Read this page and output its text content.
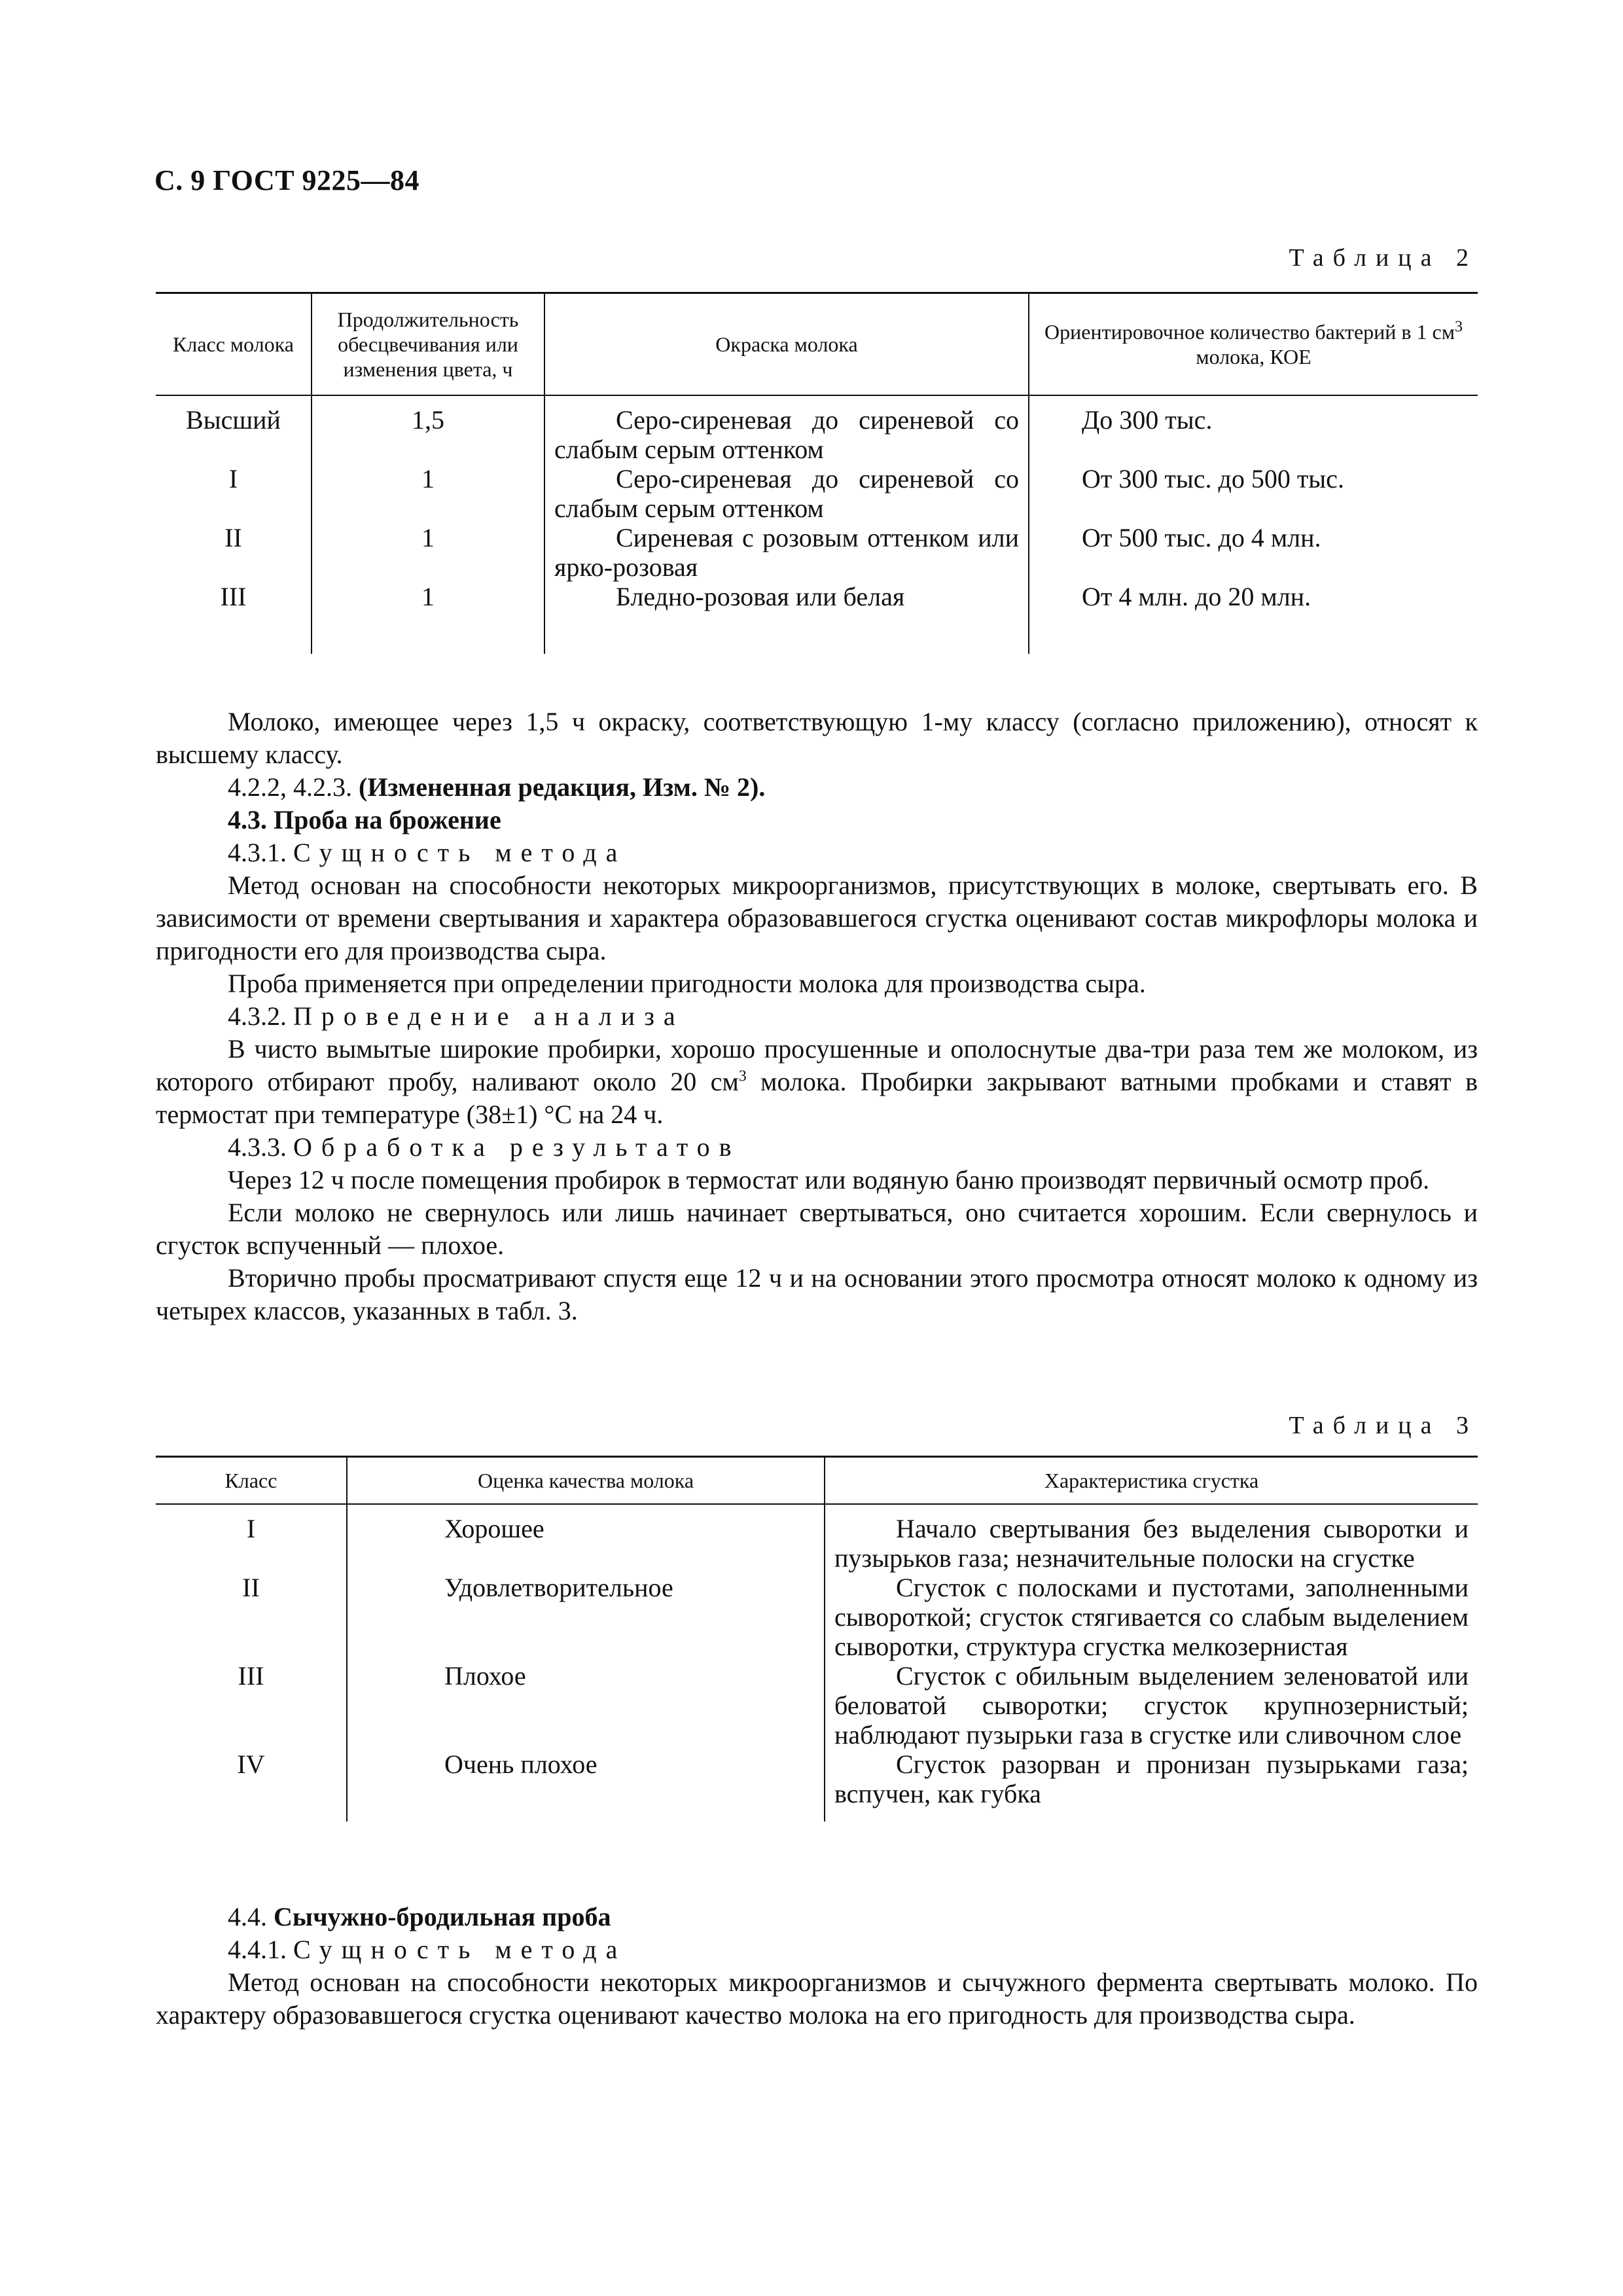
С. 9 ГОСТ 9225—84
Таблица 2
Класс молока	Продолжительность обесцвечивания или изменения цвета, ч	Окраска молока	Ориентировочное количество бактерий в 1 $см^3$ молока, КОЕ
Высший	1,5	Серо-сиреневая до сиреневой со слабым серым оттенком	До 300 тыс.
I	1	Серо-сиреневая до сиреневой со слабым серым оттенком	От 300 тыс. до 500 тыс.
II	1	Сиреневая с розовым оттенком или ярко-розовая	От 500 тыс. до 4 млн.
III	1	Бледно-розовая или белая	От 4 млн. до 20 млн.

Молоко, имеющее через 1,5 ч окраску, соответствующую 1-му классу (согласно приложению), относят к высшему классу.

4.2.2, 4.2.3. (Измененная редакция, Изм. № 2).

4.3. Проба на брожение

4.3.1. Сущность метода

Метод основан на способности некоторых микроорганизмов, присутствующих в молоке, свертывать его. В зависимости от времени свертывания и характера образовавшегося сгустка оценивают состав микрофлоры молока и пригодности его для производства сыра.

Проба применяется при определении пригодности молока для производства сыра.

4.3.2. Проведение анализа

В чисто вымытые широкие пробирки, хорошо просушенные и ополоснутые два-три раза тем же молоком, из которого отбирают пробу, наливают около 20 $см^3$ молока. Пробирки закрывают ватными пробками и ставят в термостат при температуре (38±1) °С на 24 ч.

4.3.3. Обработка результатов

Через 12 ч после помещения пробирок в термостат или водяную баню производят первичный осмотр проб.

Если молоко не свернулось или лишь начинает свертываться, оно считается хорошим. Если свернулось и сгусток вспученный — плохое.

Вторично пробы просматривают спустя еще 12 ч и на основании этого просмотра относят молоко к одному из четырех классов, указанных в табл. 3.

Таблица 3
Класс	Оценка качества молока	Характеристика сгустка
I	Хорошее	Начало свертывания без выделения сыворотки и пузырьков газа; незначительные полоски на сгустке
II	Удовлетворительное	Сгусток с полосками и пустотами, заполненными сывороткой; сгусток стягивается со слабым выделением сыворотки, структура сгустка мелкозернистая
III	Плохое	Сгусток с обильным выделением зеленоватой или беловатой сыворотки; сгусток крупнозернистый; наблюдают пузырьки газа в сгустке или сливочном слое
IV	Очень плохое	Сгусток разорван и пронизан пузырьками газа; вспучен, как губка

4.4. Сычужно-бродильная проба

4.4.1. Сущность метода

Метод основан на способности некоторых микроорганизмов и сычужного фермента свертывать молоко. По характеру образовавшегося сгустка оценивают качество молока на его пригодность для производства сыра.
